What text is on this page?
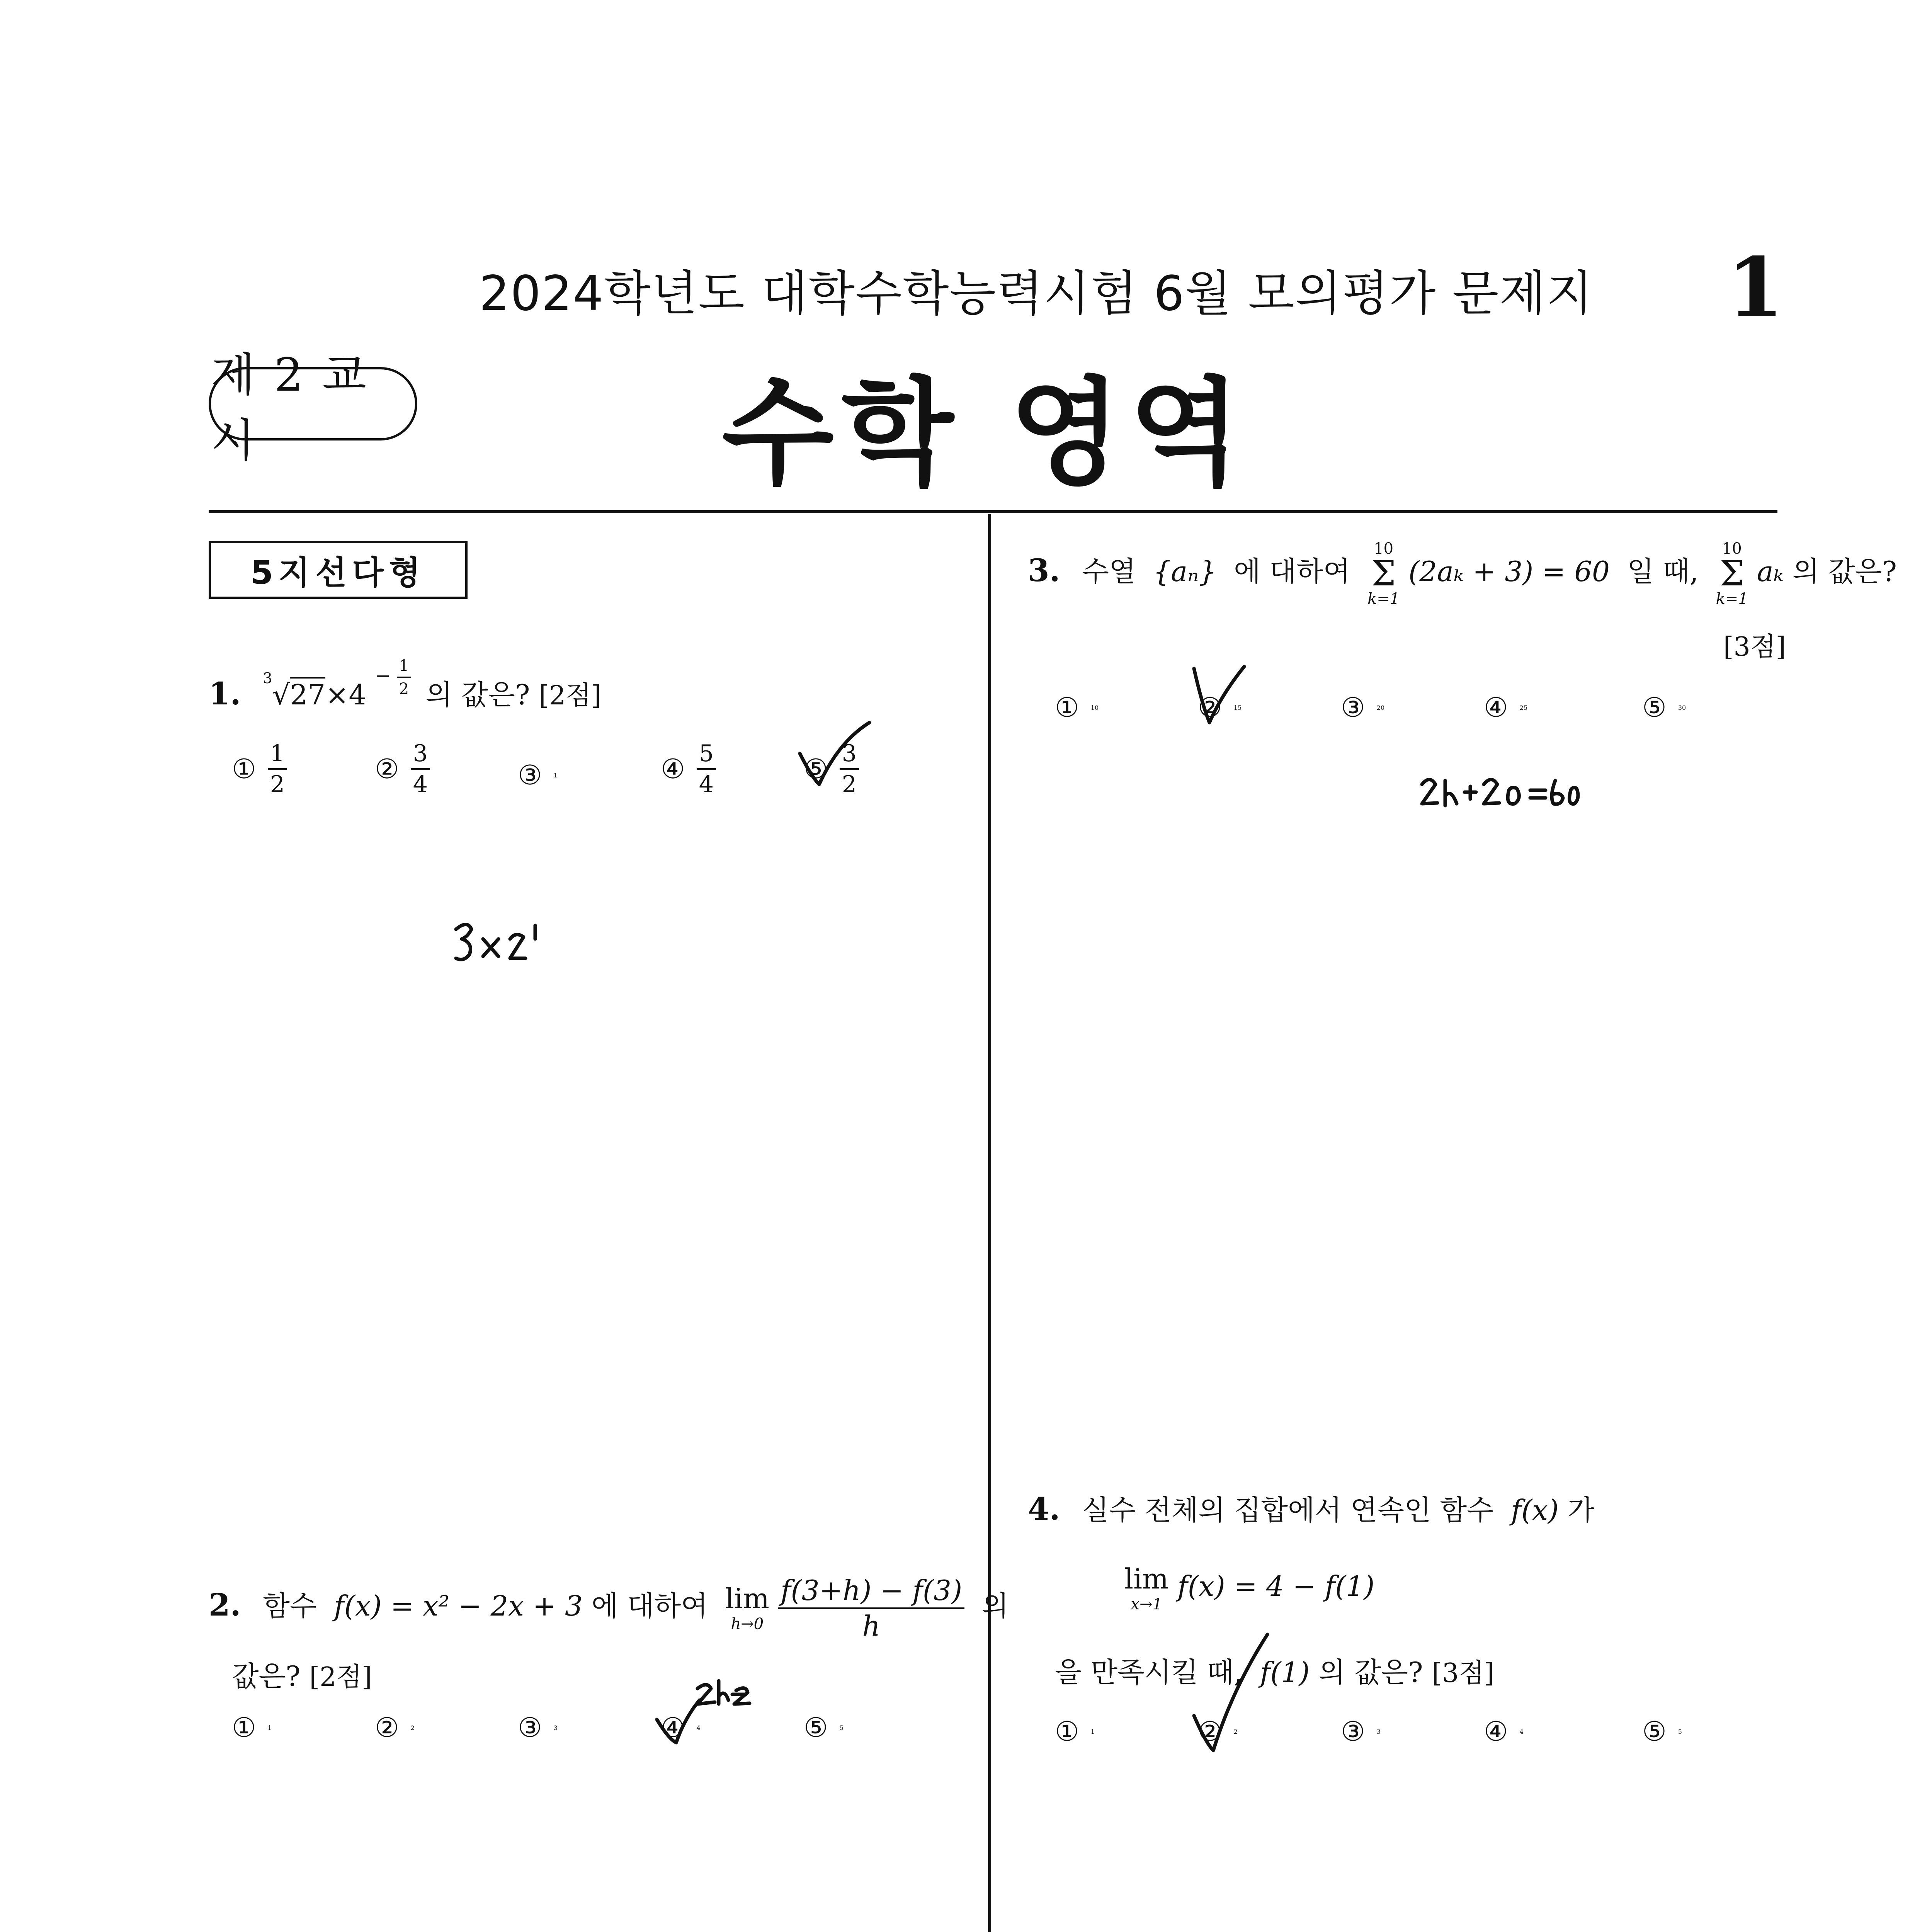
2024학년도 대학수학능력시험 6월 모의평가 문제지 1
제 2 교시	수학 영역
5지선다형
1. $^3$√27×4 $^{- \frac{1}{2}}$ 의 값은? [2점]
① $\frac{1}{2}$	② $\frac{3}{4}$	③ 1	④ $\frac{5}{4}$	⑤ $\frac{3}{2}$
2. 함수 f(x) = x² − 2x + 3 에 대하여 lim
h→0
$\frac{f(3+h) - f(3)}{h}$ 의
값은? [2점]
① 1	② 2	③ 3	④ 4	⑤ 5
3. 수열 {aₙ} 에 대하여
10
Σ
k=1
(2aₖ + 3) = 60 일 때,
10
Σ
k=1
aₖ 의 값은?
[3점]
① 10	② 15	③ 20	④ 25	⑤ 30
4. 실수 전체의 집합에서 연속인 함수 f(x) 가
lim
x→1
f(x) = 4 − f(1)
을 만족시킬 때, f(1) 의 값은? [3점]
① 1	② 2	③ 3	④ 4	⑤ 5
